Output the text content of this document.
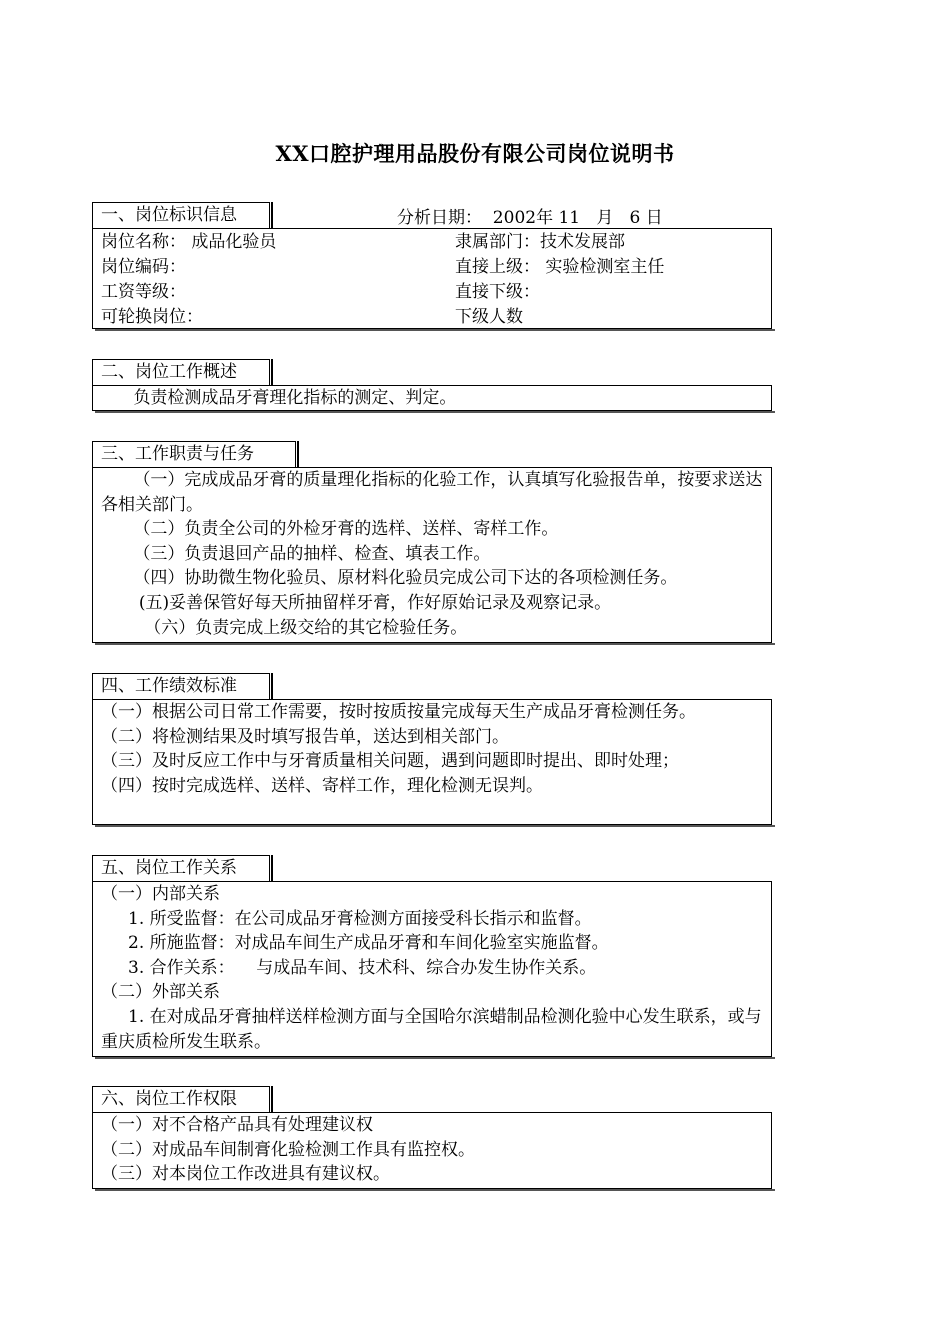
XX口腔护理用品股份有限公司岗位说明书
一、岗位标识信息	分析日期：  2002年 11   月   6 日
岗位名称： 成品化验员	隶属部门：技术发展部
岗位编码：	直接上级： 实验检测室主任
工资等级：	直接下级：
可轮换岗位：	下级人数
二、岗位工作概述
负责检测成品牙膏理化指标的测定、判定。
三、工作职责与任务
（一）完成成品牙膏的质量理化指标的化验工作，认真填写化验报告单，按要求送达各相关部门。
（二）负责全公司的外检牙膏的选样、送样、寄样工作。
（三）负责退回产品的抽样、检查、填表工作。
（四）协助微生物化验员、原材料化验员完成公司下达的各项检测任务。
(五)妥善保管好每天所抽留样牙膏，作好原始记录及观察记录。
（六）负责完成上级交给的其它检验任务。
四、工作绩效标准
（一）根据公司日常工作需要，按时按质按量完成每天生产成品牙膏检测任务。
（二）将检测结果及时填写报告单，送达到相关部门。
（三）及时反应工作中与牙膏质量相关问题，遇到问题即时提出、即时处理；
（四）按时完成选样、送样、寄样工作，理化检测无误判。
五、岗位工作关系
（一）内部关系
1. 所受监督：在公司成品牙膏检测方面接受科长指示和监督。
2. 所施监督：对成品车间生产成品牙膏和车间化验室实施监督。
3. 合作关系：    与成品车间、技术科、综合办发生协作关系。
（二）外部关系
1. 在对成品牙膏抽样送样检测方面与全国哈尔滨蜡制品检测化验中心发生联系，或与重庆质检所发生联系。
六、岗位工作权限
（一）对不合格产品具有处理建议权
（二）对成品车间制膏化验检测工作具有监控权。
（三）对本岗位工作改进具有建议权。
